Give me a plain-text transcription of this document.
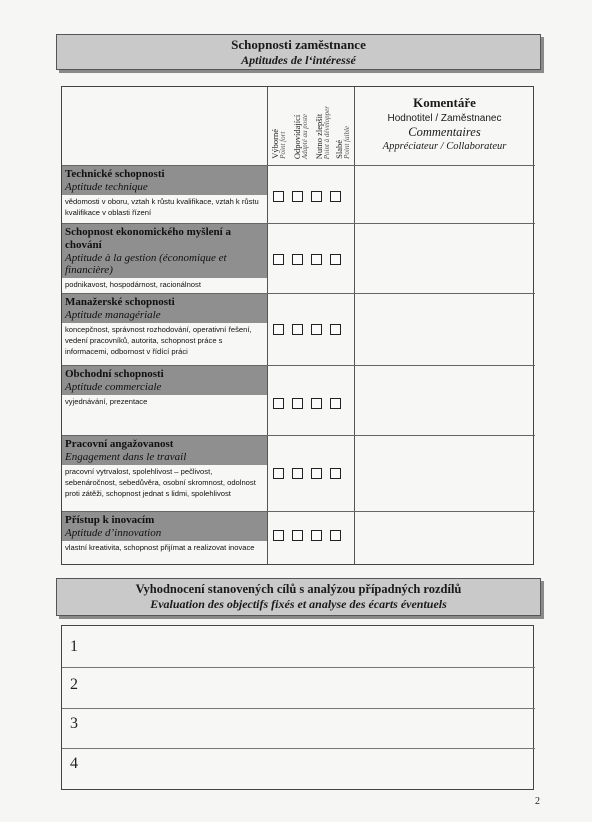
Schopnosti zaměstnance
Aptitudes de l‘intéressé
Výborné
Point fort Odpovídající
Adapté au poste Nutno zlepšit
Point à développer Slabé
Point faible
Komentáře
Hodnotitel / Zaměstnanec
Commentaires
Appréciateur / Collaborateur
Technické schopnosti
Aptitude technique
vědomosti v oboru, vztah k růstu kvalifikace, vztah k růstu kvalifikace v oblasti řízení
Schopnost ekonomického myšlení a chování
Aptitude à la gestion (économique et financière)
podnikavost, hospodárnost, racionálnost
Manažerské schopnosti
Aptitude managériale
koncepčnost, správnost rozhodování, operativní řešení, vedení pracovníků, autorita, schopnost práce s informacemi, odbornost v řídící práci
Obchodní schopnosti
Aptitude commerciale
vyjednávání, prezentace
Pracovní angažovanost
Engagement dans le travail
pracovní vytrvalost, spolehlivost – pečlivost, sebenáročnost, sebedůvěra, osobní skromnost, odolnost proti zátěži, schopnost jednat s lidmi, spolehlivost
Přístup k inovacím
Aptitude d’innovation
vlastní kreativita, schopnost přijímat a realizovat inovace
Vyhodnocení stanovených cílů s analýzou případných rozdílů
Evaluation des objectifs fixés et analyse des écarts éventuels
1
2
3
4
2
